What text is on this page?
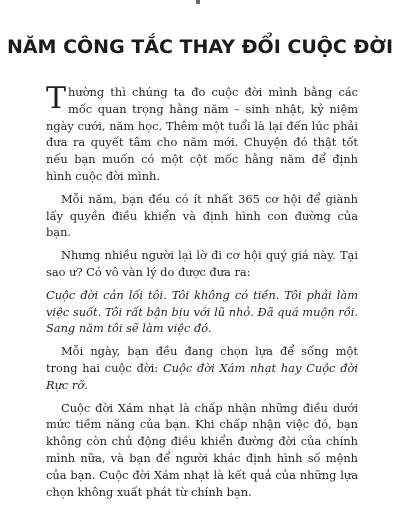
NĂM CÔNG TẮC THAY ĐỔI CUỘC ĐỜI

Thường thì chúng ta đo cuộc đời mình bằng các mốc quan trọng hằng năm – sinh nhật, kỷ niệm ngày cưới, năm học. Thêm một tuổi là lại đến lúc phải đưa ra quyết tâm cho năm mới. Chuyện đó thật tốt nếu bạn muốn có một cột mốc hằng năm để định hình cuộc đời mình.

Mỗi năm, bạn đều có ít nhất 365 cơ hội để giành lấy quyền điều khiển và định hình con đường của bạn.

Nhưng nhiều người lại lờ đi cơ hội quý giá này. Tại sao ư? Có vô vàn lý do được đưa ra:

Cuộc đời cản lối tôi. Tôi không có tiền. Tôi phải làm việc suốt. Tôi rất bận bịu với lũ nhỏ. Đã quá muộn rồi. Sang năm tôi sẽ làm việc đó.

Mỗi ngày, bạn đều đang chọn lựa để sống một trong hai cuộc đời: Cuộc đời Xám nhạt hay Cuộc đời Rực rỡ.

Cuộc đời Xám nhạt là chấp nhận những điều dưới mức tiềm năng của bạn. Khi chấp nhận việc đó, bạn không còn chủ động điều khiển đường đời của chính mình nữa, và bạn để người khác định hình số mệnh của bạn. Cuộc đời Xám nhạt là kết quả của những lựa chọn không xuất phát từ chính bạn.
